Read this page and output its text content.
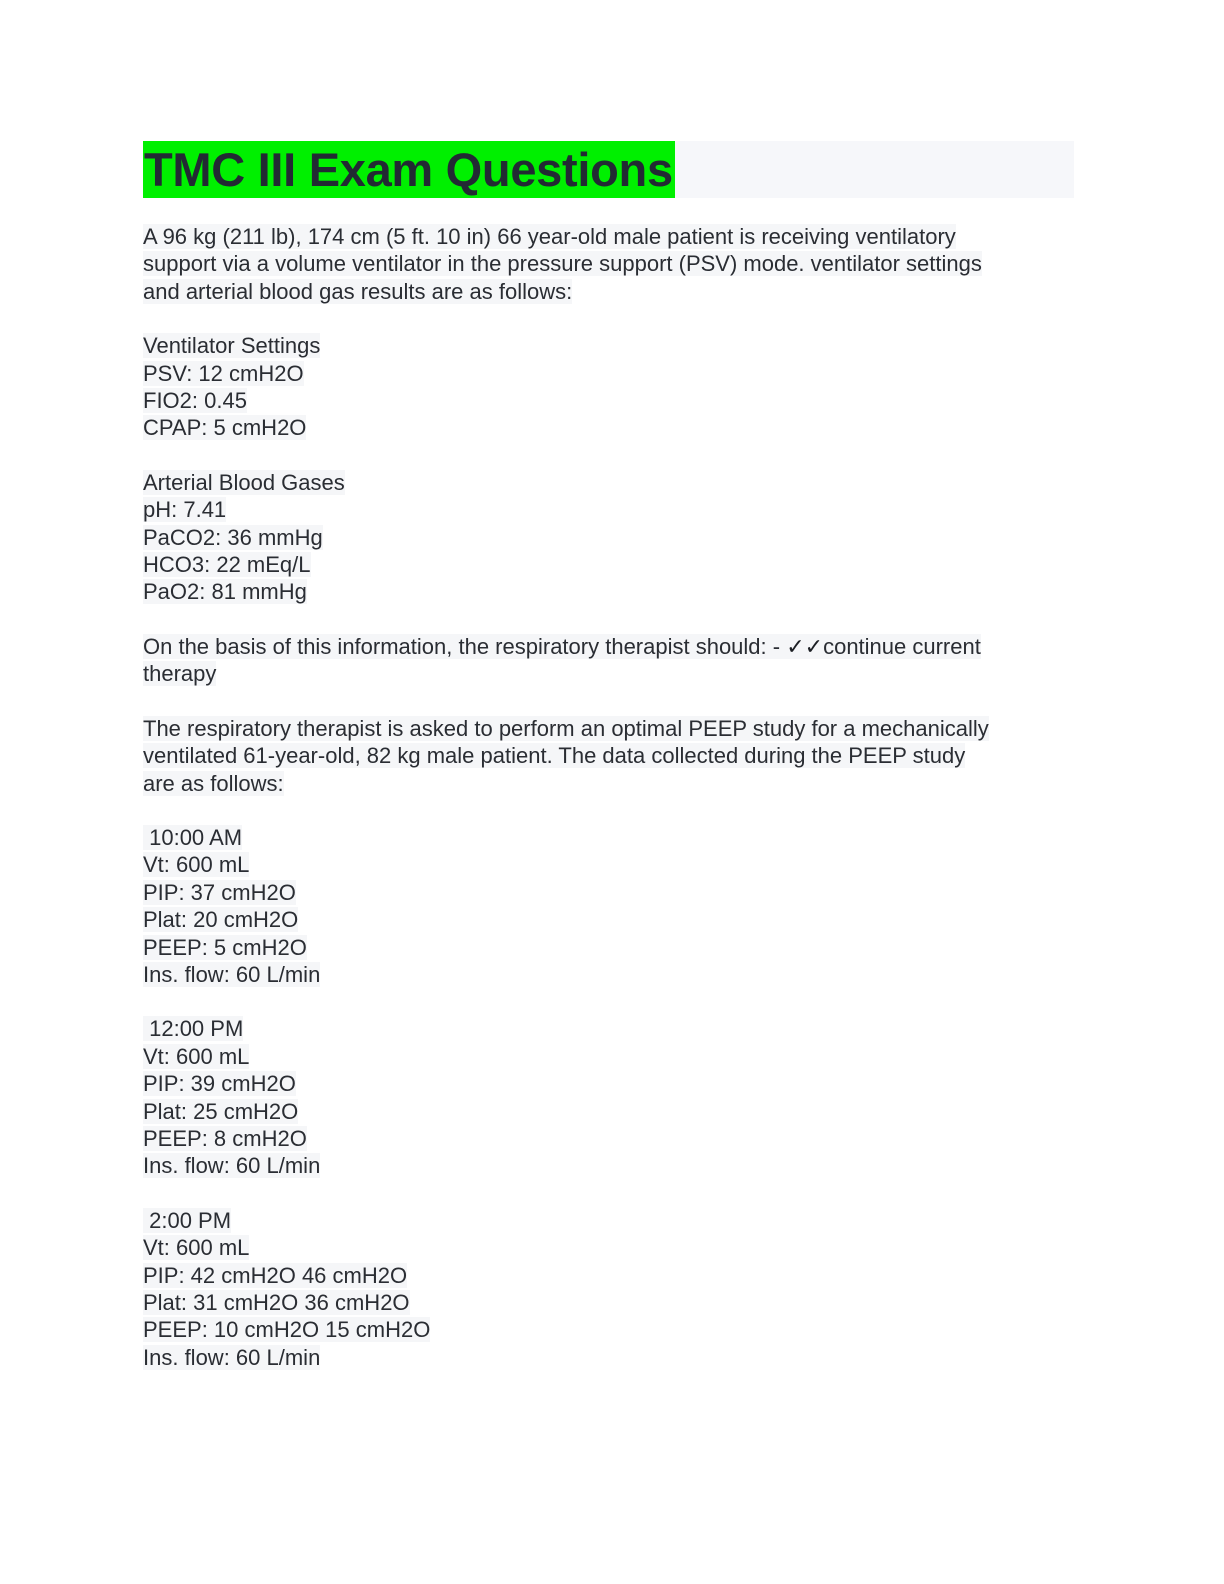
TMC III Exam Questions
A 96 kg (211 lb), 174 cm (5 ft. 10 in) 66 year-old male patient is receiving ventilatory
support via a volume ventilator in the pressure support (PSV) mode. ventilator settings
and arterial blood gas results are as follows:
Ventilator Settings
PSV: 12 cmH2O
FIO2: 0.45
CPAP: 5 cmH2O
Arterial Blood Gases
pH: 7.41
PaCO2: 36 mmHg
HCO3: 22 mEq/L
PaO2: 81 mmHg
On the basis of this information, the respiratory therapist should: - ✓✓continue current
therapy
The respiratory therapist is asked to perform an optimal PEEP study for a mechanically
ventilated 61-year-old, 82 kg male patient. The data collected during the PEEP study
are as follows:
10:00 AM
Vt: 600 mL
PIP: 37 cmH2O
Plat: 20 cmH2O
PEEP: 5 cmH2O
Ins. flow: 60 L/min
12:00 PM
Vt: 600 mL
PIP: 39 cmH2O
Plat: 25 cmH2O
PEEP: 8 cmH2O
Ins. flow: 60 L/min
2:00 PM
Vt: 600 mL
PIP: 42 cmH2O 46 cmH2O
Plat: 31 cmH2O 36 cmH2O
PEEP: 10 cmH2O 15 cmH2O
Ins. flow: 60 L/min
